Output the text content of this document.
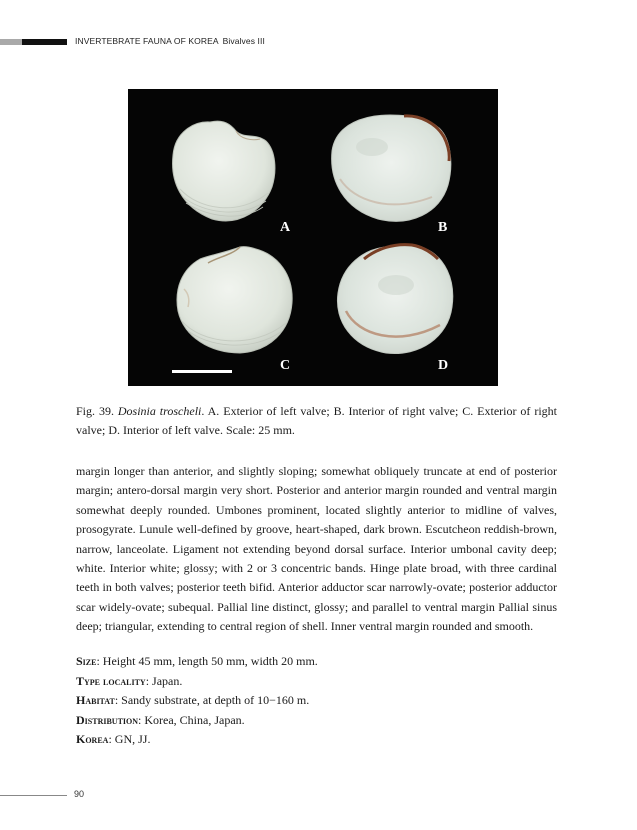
INVERTEBRATE FAUNA OF KOREA Bivalves III
A	B
C	D
Fig. 39. Dosinia troscheli. A. Exterior of left valve; B. Interior of right valve; C. Exterior of right valve; D. Interior of left valve. Scale: 25 mm.
margin longer than anterior, and slightly sloping; somewhat obliquely truncate at end of posterior margin; antero-dorsal margin very short. Posterior and anterior margin rounded and ventral margin somewhat deeply rounded. Umbones prominent, located slightly anterior to midline of valves, prosogyrate. Lunule well-defined by groove, heart-shaped, dark brown. Escutcheon reddish-brown, narrow, lanceolate. Ligament not extending beyond dorsal surface. Interior umbonal cavity deep; white. Interior white; glossy; with 2 or 3 concentric bands. Hinge plate broad, with three cardinal teeth in both valves; posterior teeth bifid. Anterior adductor scar narrowly-ovate; posterior adductor scar widely-ovate; subequal. Pallial line distinct, glossy; and parallel to ventral margin Pallial sinus deep; triangular, extending to central region of shell. Inner ventral margin rounded and smooth.
Size: Height 45 mm, length 50 mm, width 20 mm.
Type locality: Japan.
Habitat: Sandy substrate, at depth of 10−160 m.
Distribution: Korea, China, Japan.
Korea: GN, JJ.
90
